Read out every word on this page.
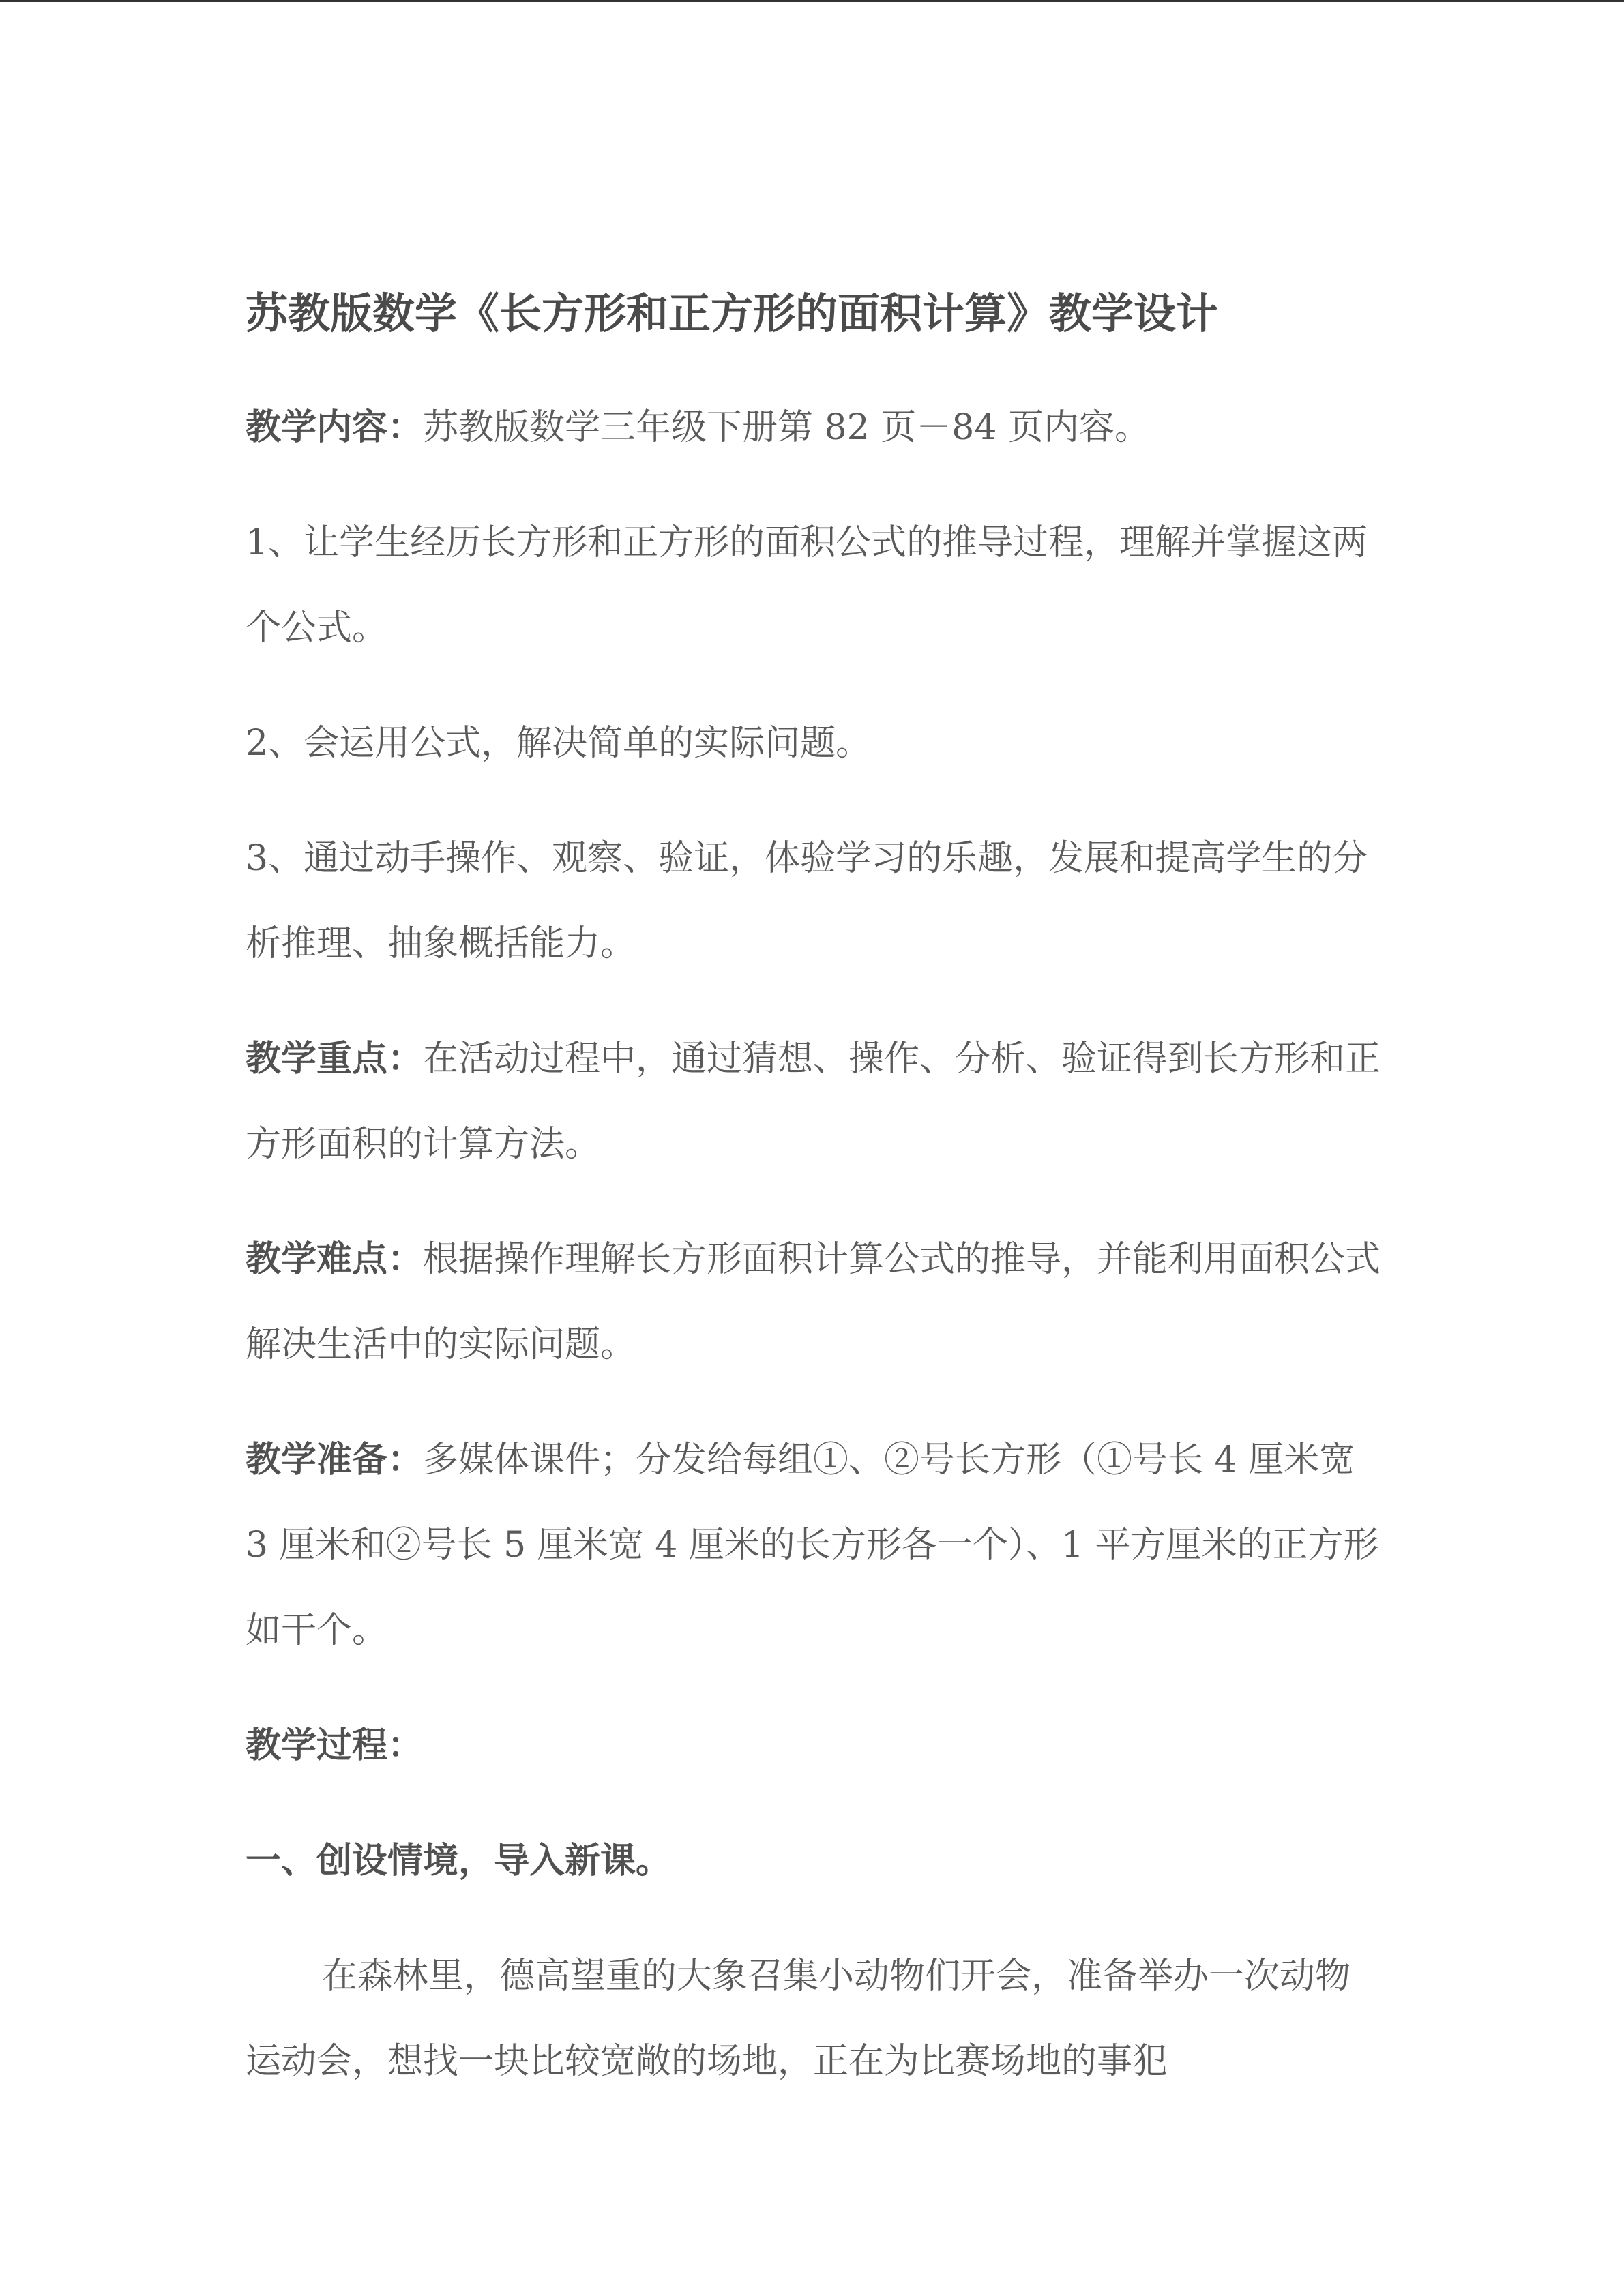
苏教版数学《长方形和正方形的面积计算》教学设计

教学内容：苏教版数学三年级下册第 82 页－84 页内容。

1、让学生经历长方形和正方形的面积公式的推导过程，理解并掌握这两个公式。

2、会运用公式，解决简单的实际问题。

3、通过动手操作、观察、验证，体验学习的乐趣，发展和提高学生的分析推理、抽象概括能力。

教学重点：在活动过程中，通过猜想、操作、分析、验证得到长方形和正方形面积的计算方法。

教学难点：根据操作理解长方形面积计算公式的推导，并能利用面积公式解决生活中的实际问题。

教学准备：多媒体课件；分发给每组①、②号长方形（①号长 4 厘米宽 3 厘米和②号长 5 厘米宽 4 厘米的长方形各一个）、1 平方厘米的正方形如干个。

教学过程：

一、创设情境，导入新课。

在森林里，德高望重的大象召集小动物们开会，准备举办一次动物运动会，想找一块比较宽敞的场地，正在为比赛场地的事犯
